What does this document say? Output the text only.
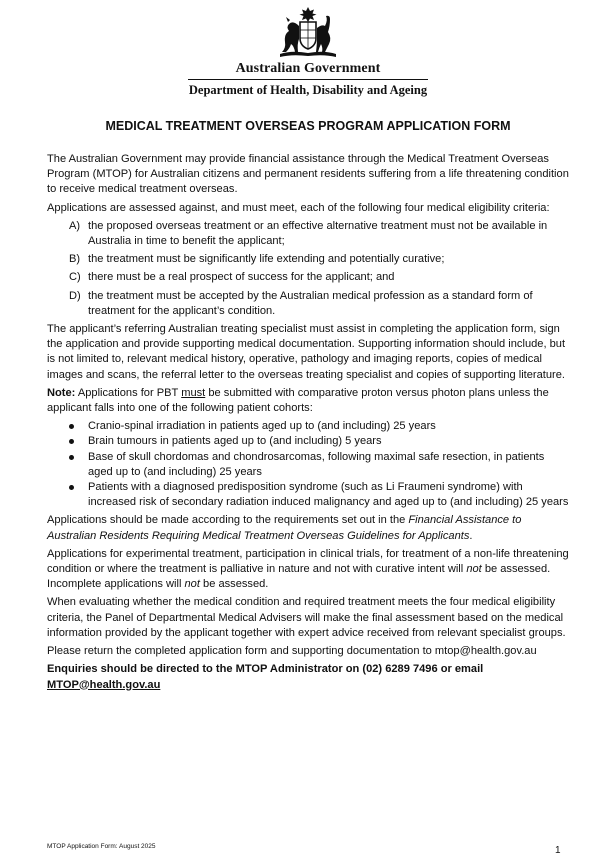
Australian Government
Department of Health, Disability and Ageing
MEDICAL TREATMENT OVERSEAS PROGRAM APPLICATION FORM

The Australian Government may provide financial assistance through the Medical Treatment Overseas Program (MTOP) for Australian citizens and permanent residents suffering from a life threatening condition to receive medical treatment overseas.

Applications are assessed against, and must meet, each of the following four medical eligibility criteria:

A) the proposed overseas treatment or an effective alternative treatment must not be available in Australia in time to benefit the applicant;
B) the treatment must be significantly life extending and potentially curative;
C) there must be a real prospect of success for the applicant; and
D) the treatment must be accepted by the Australian medical profession as a standard form of treatment for the applicant’s condition.

The applicant’s referring Australian treating specialist must assist in completing the application form, sign the application and provide supporting medical documentation. Supporting information should include, but is not limited to, relevant medical history, operative, pathology and imaging reports, copies of medical images and scans, the referral letter to the overseas treating specialist and copies of supporting literature.

Note: Applications for PBT must be submitted with comparative proton versus photon plans unless the applicant falls into one of the following patient cohorts:

Cranio-spinal irradiation in patients aged up to (and including) 25 years
Brain tumours in patients aged up to (and including) 5 years
Base of skull chordomas and chondrosarcomas, following maximal safe resection, in patients aged up to (and including) 25 years
Patients with a diagnosed predisposition syndrome (such as Li Fraumeni syndrome) with increased risk of secondary radiation induced malignancy and aged up to (and including) 25 years

Applications should be made according to the requirements set out in the Financial Assistance to Australian Residents Requiring Medical Treatment Overseas Guidelines for Applicants.

Applications for experimental treatment, participation in clinical trials, for treatment of a non-life threatening condition or where the treatment is palliative in nature and not with curative intent will not be assessed. Incomplete applications will not be assessed.

When evaluating whether the medical condition and required treatment meets the four medical eligibility criteria, the Panel of Departmental Medical Advisers will make the final assessment based on the medical information provided by the applicant together with expert advice received from relevant specialist groups.

Please return the completed application form and supporting documentation to mtop@health.gov.au

Enquiries should be directed to the MTOP Administrator on (02) 6289 7496 or email
MTOP@health.gov.au

MTOP Application Form: August 2025	1
